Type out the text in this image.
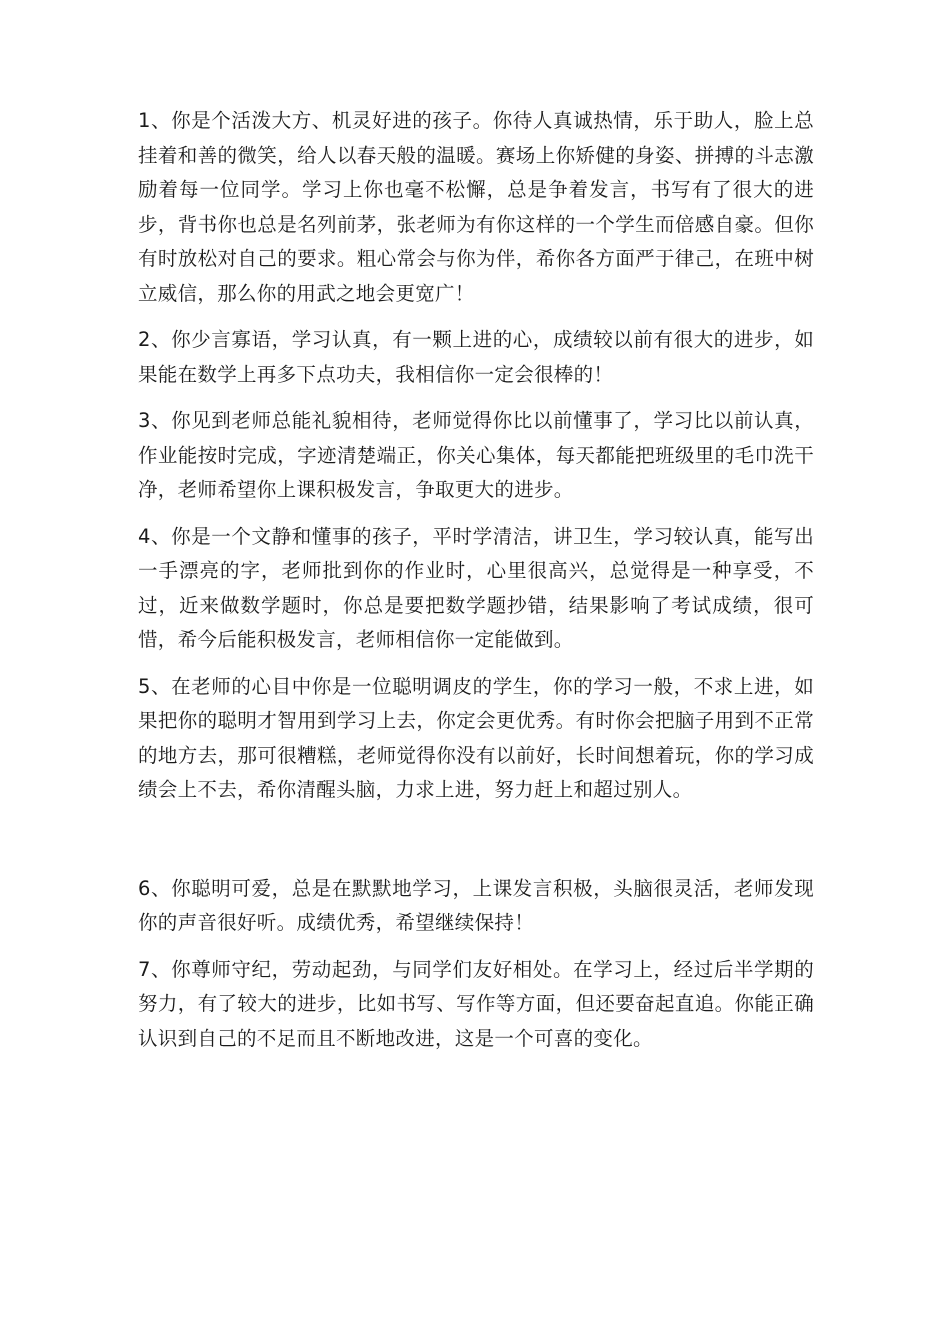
1、你是个活泼大方、机灵好进的孩子。你待人真诚热情，乐于助人，脸上总挂着和善的微笑，给人以春天般的温暖。赛场上你矫健的身姿、拼搏的斗志激励着每一位同学。学习上你也毫不松懈，总是争着发言，书写有了很大的进步，背书你也总是名列前茅，张老师为有你这样的一个学生而倍感自豪。但你有时放松对自己的要求。粗心常会与你为伴，希你各方面严于律己，在班中树立威信，那么你的用武之地会更宽广！

2、你少言寡语，学习认真，有一颗上进的心，成绩较以前有很大的进步，如果能在数学上再多下点功夫，我相信你一定会很棒的！

3、你见到老师总能礼貌相待，老师觉得你比以前懂事了，学习比以前认真，作业能按时完成，字迹清楚端正，你关心集体，每天都能把班级里的毛巾洗干净，老师希望你上课积极发言，争取更大的进步。

4、你是一个文静和懂事的孩子，平时学清洁，讲卫生，学习较认真，能写出一手漂亮的字，老师批到你的作业时，心里很高兴，总觉得是一种享受，不过，近来做数学题时，你总是要把数学题抄错，结果影响了考试成绩，很可惜，希今后能积极发言，老师相信你一定能做到。

5、在老师的心目中你是一位聪明调皮的学生，你的学习一般，不求上进，如果把你的聪明才智用到学习上去，你定会更优秀。有时你会把脑子用到不正常的地方去，那可很糟糕，老师觉得你没有以前好，长时间想着玩，你的学习成绩会上不去，希你清醒头脑，力求上进，努力赶上和超过别人。

6、你聪明可爱，总是在默默地学习，上课发言积极，头脑很灵活，老师发现你的声音很好听。成绩优秀，希望继续保持！

7、你尊师守纪，劳动起劲，与同学们友好相处。在学习上，经过后半学期的努力，有了较大的进步，比如书写、写作等方面，但还要奋起直追。你能正确认识到自己的不足而且不断地改进，这是一个可喜的变化。
